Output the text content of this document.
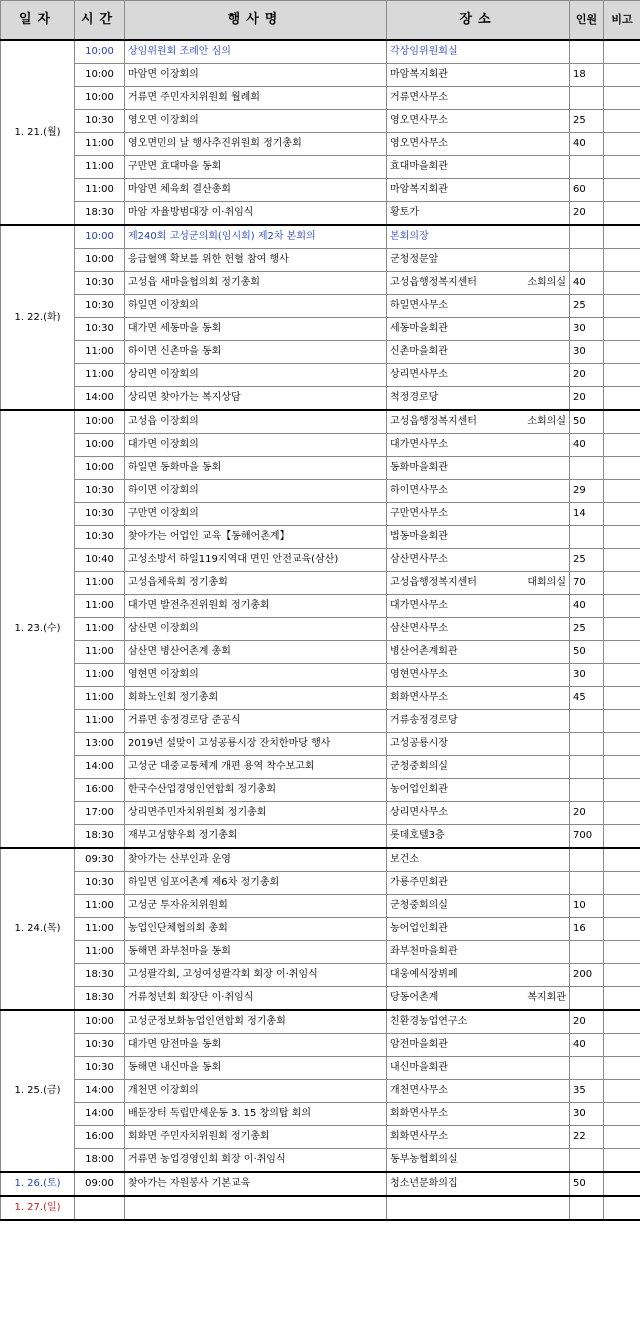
일자	시간	행사명	장소	인원	비고
1. 21.(월)	10:00	상임위원회 조례안 심의	각상임위원회실		
	10:00	마암면 이장회의	마암복지회관	18	
	10:00	거류면 주민자치위원회 월례회	거류면사무소		
	10:30	영오면 이장회의	영오면사무소	25	
	11:00	영오면민의 날 행사추진위원회 정기총회	영오면사무소	40	
	11:00	구만면 효대마을 동회	효대마을회관		
	11:00	마암면 체육회 결산총회	마암복지회관	60	
	18:30	마암 자율방범대장 이·취임식	황토가	20	
1. 22.(화)	10:00	제240회 고성군의회(임시회) 제2차 본회의	본회의장		
	10:00	응급혈액 확보를 위한 헌혈 참여 행사	군청정문앞		
	10:30	고성읍 새마을협의회 정기총회	고성읍행정복지센터 소회의실	40	
	10:30	하일면 이장회의	하일면사무소	25	
	10:30	대가면 세동마을 동회	세동마을회관	30	
	11:00	하이면 신촌마을 동회	신촌마을회관	30	
	11:00	상리면 이장회의	상리면사무소	20	
	14:00	상리면 찾아가는 복지상담	척정경로당	20	
1. 23.(수)	10:00	고성읍 이장회의	고성읍행정복지센터 소회의실	50	
	10:00	대가면 이장회의	대가면사무소	40	
	10:00	하일면 동화마을 동회	동화마을회관		
	10:30	하이면 이장회의	하이면사무소	29	
	10:30	구만면 이장회의	구만면사무소	14	
	10:30	찾아가는 어업인 교육【동해어촌계】	법동마을회관		
	10:40	고성소방서 하일119지역대 면민 안전교육(삼산)	삼산면사무소	25	
	11:00	고성읍체육회 정기총회	고성읍행정복지센터 대회의실	70	
	11:00	대가면 발전추진위원회 정기총회	대가면사무소	40	
	11:00	삼산면 이장회의	삼산면사무소	25	
	11:00	삼산면 병산어촌계 총회	병산어촌계회관	50	
	11:00	영현면 이장회의	영현면사무소	30	
	11:00	회화노인회 정기총회	회화면사무소	45	
	11:00	거류면 송정경로당 준공식	거류송정경로당		
	13:00	2019년 설맞이 고성공룡시장 잔치한마당 행사	고성공룡시장		
	14:00	고성군 대중교통체계 개편 용역 착수보고회	군청중회의실		
	16:00	한국수산업경영인연합회 정기총회	농어업인회관		
	17:00	상리면주민자치위원회 정기총회	상리면사무소	20	
	18:30	재부고성향우회 정기총회	롯데호텔3층	700	
1. 24.(목)	09:30	찾아가는 산부인과 운영	보건소		
	10:30	하일면 임포어촌계 제6차 정기총회	가룡주민회관		
	11:00	고성군 투자유치위원회	군청중회의실	10	
	11:00	농업인단체협의회 총회	농어업인회관	16	
	11:00	동해면 좌부천마을 동회	좌부천마을회관		
	18:30	고성팔각회, 고성여성팔각회 회장 이·취임식	대웅예식장뷔페	200	
	18:30	거류청년회 회장단 이·취임식	당동어촌계 복지회관		
1. 25.(금)	10:00	고성군정보화농업인연합회 정기총회	친환경농업연구소	20	
	10:30	대가면 암전마을 동회	암전마을회관	40	
	10:30	동해면 내신마을 동회	내신마을회관		
	14:00	개천면 이장회의	개천면사무소	35	
	14:00	배둔장터 독립만세운동 3. 15 창의탑 회의	회화면사무소	30	
	16:00	회화면 주민자치위원회 정기총회	회화면사무소	22	
	18:00	거류면 농업경영인회 회장 이·취임식	동부농협회의실		
1. 26.(토)	09:00	찾아가는 자원봉사 기본교육	청소년문화의집	50	
1. 27.(일)					
